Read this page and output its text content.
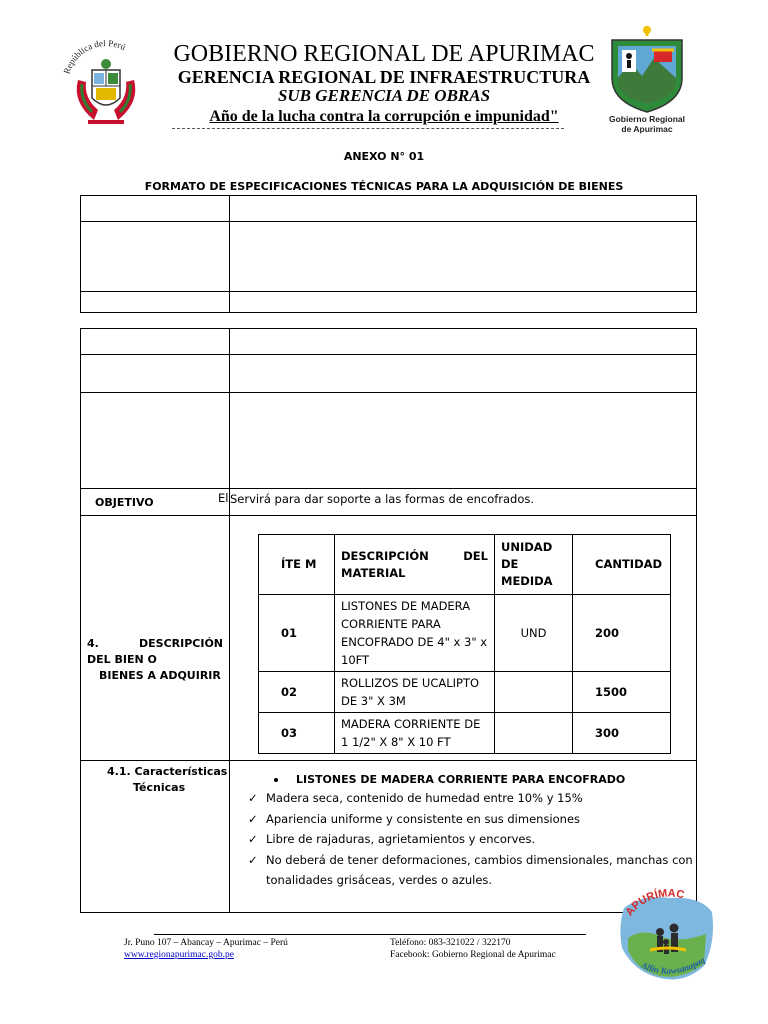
República del Perú	GOBIERNO REGIONAL DE APURIMAC
GERENCIA REGIONAL DE INFRAESTRUCTURA
SUB GERENCIA DE OBRAS
Año de la lucha contra la corrupción e impunidad"	Gobierno Regional
de Apurimac
ANEXO N° 01
FORMATO DE ESPECIFICACIONES TÉCNICAS PARA LA ADQUISICIÓN DE BIENES

OBJETIVO	El Servirá para dar soporte a las formas de encofrados.

4.    DESCRIPCIÓN    DEL BIEN O
BIENES A ADQUIRIR

ÍTE M	DESCRIPCIÓN DEL MATERIAL	UNIDAD DE MEDIDA	CANTIDAD
01	LISTONES DE MADERA CORRIENTE PARA ENCOFRADO DE 4" x 3" x 10FT	UND	200
02	ROLLIZOS DE UCALIPTO DE 3" X 3M		1500
03	MADERA CORRIENTE DE 1 1/2" X 8" X 10 FT		300

4.1. Características
Técnicas

LISTONES DE MADERA CORRIENTE PARA ENCOFRADO
✓ Madera seca, contenido de humedad entre 10% y 15%
✓ Apariencia uniforme y consistente en sus dimensiones
✓ Libre de rajaduras, agrietamientos y encorves.
✓ No deberá de tener deformaciones, cambios dimensionales, manchas con tonalidades grisáceas, verdes o azules.
Jr. Puno 107 – Abancay – Apurimac – Perú
www.regionapurimac.gob.pe
Teléfono: 083-321022 / 322170
Facebook: Gobierno Regional de Apurimac
APURÍMAC
Allin Kawsanapaq
